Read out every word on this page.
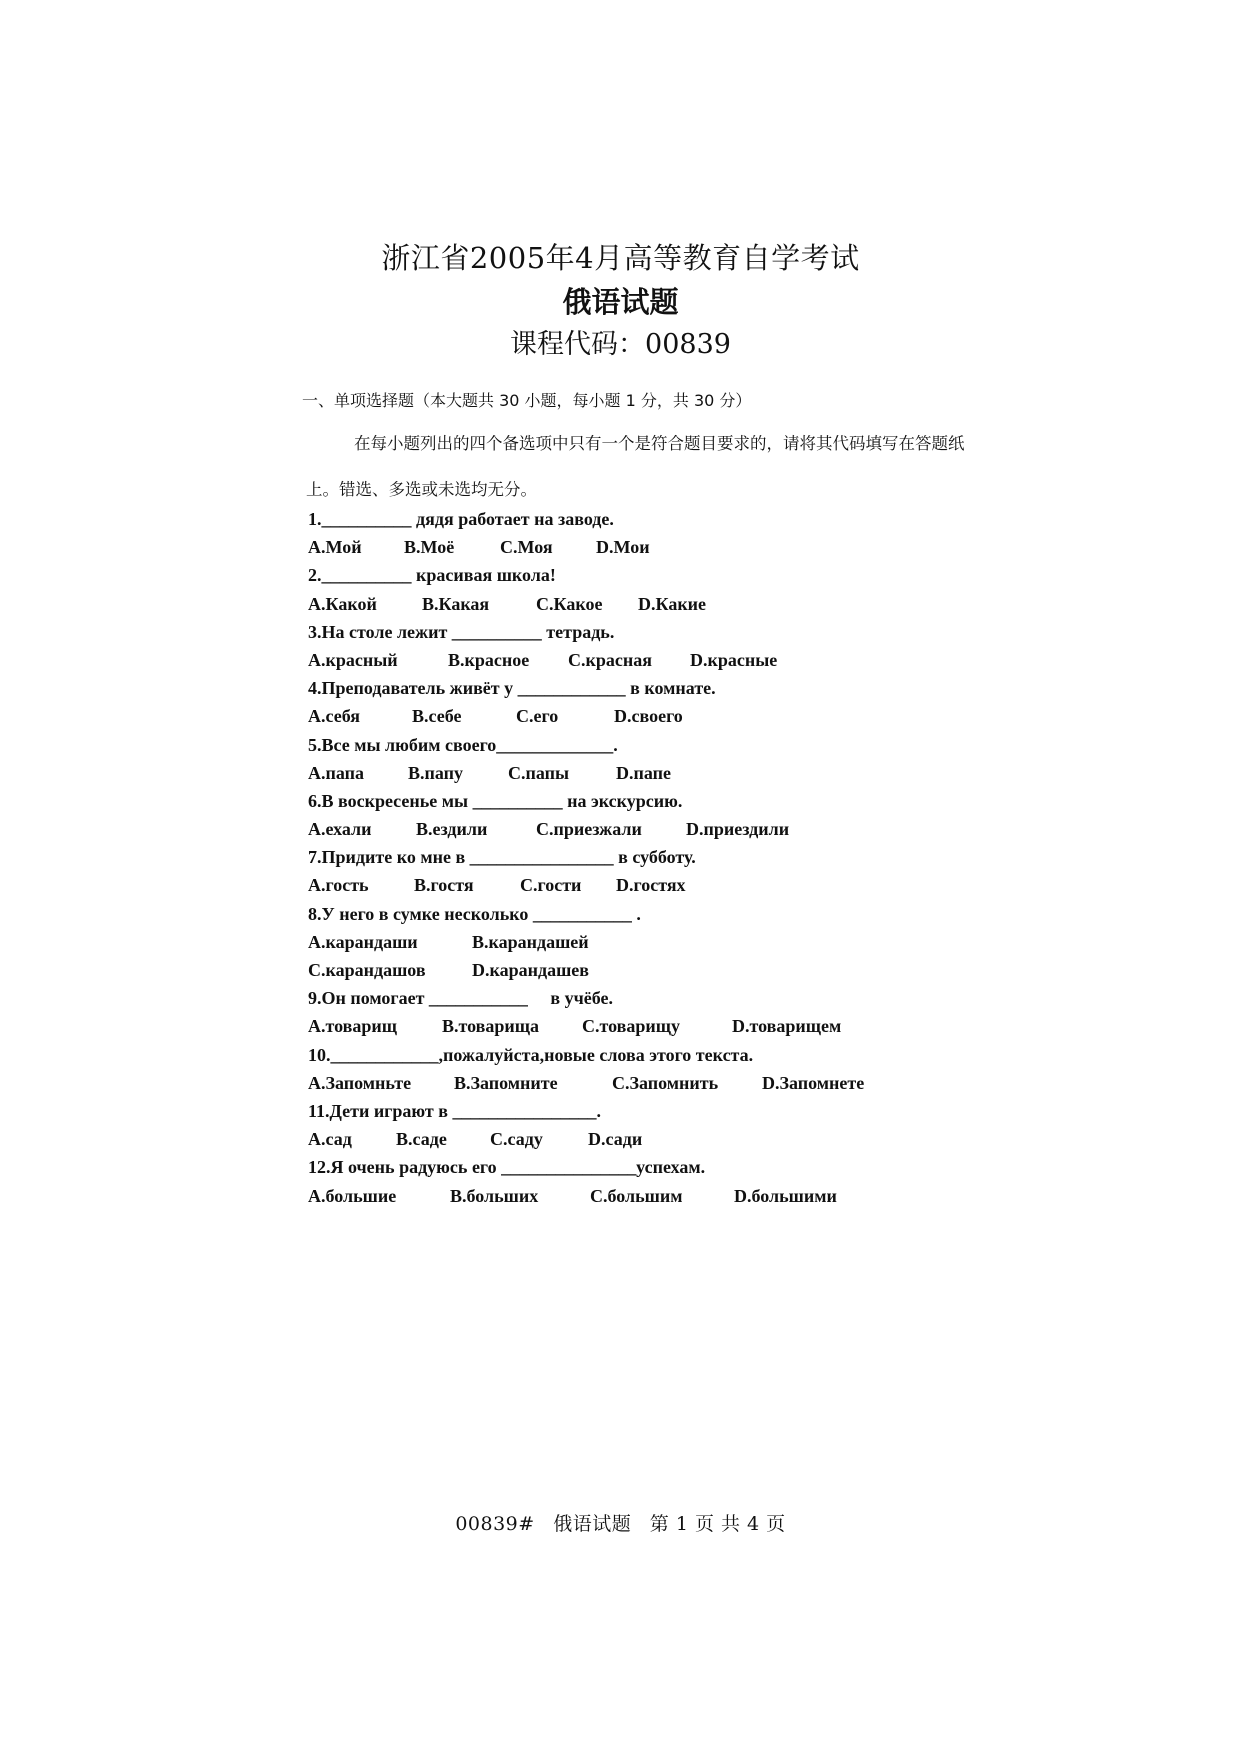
浙江省2005年4月高等教育自学考试
俄语试题
课程代码：00839
一、单项选择题（本大题共 30 小题，每小题 1 分，共 30 分）
在每小题列出的四个备选项中只有一个是符合题目要求的，请将其代码填写在答题纸
上。错选、多选或未选均无分。
1.__________ дядя работает на заводе.
A.Мой B.Моё	C.Моя D.Мои
2.__________ красивая школа!
A.Какой	B.Какая	C.Какое D.Какие
3.На столе лежит __________ тетрадь.
A.красный	B.красное C.красная D.красные
4.Преподаватель живёт у ____________ в комнате.
A.себя	B.себе	C.его	D.своего
5.Все мы любим своего_____________.
A.папа B.папу C.папы	D.папе
6.В воскресенье мы __________ на экскурсию.
A.ехали B.ездили	C.приезжали D.приездили
7.Придите ко мне в ________________ в субботу.
A.гость	B.гостя	C.гости D.гостях
8.У него в сумке несколько ___________ .
A.карандаши	B.карандашей
C.карандашов	D.карандашев
9.Он помогает ___________     в учёбе.
A.товарищ	B.товарища C.товарищу	D.товарищем
10.____________,пожалуйста,новые слова этого текста.
A.Запомньте B.Запомните	C.Запомнить D.Запомнете
11.Дети играют в ________________.
A.сад B.саде C.саду	D.сади
12.Я очень радуюсь его _______________успехам.
A.большие	B.больших	C.большим	D.большими
00839# 俄语试题 第 1 页 共 4 页
